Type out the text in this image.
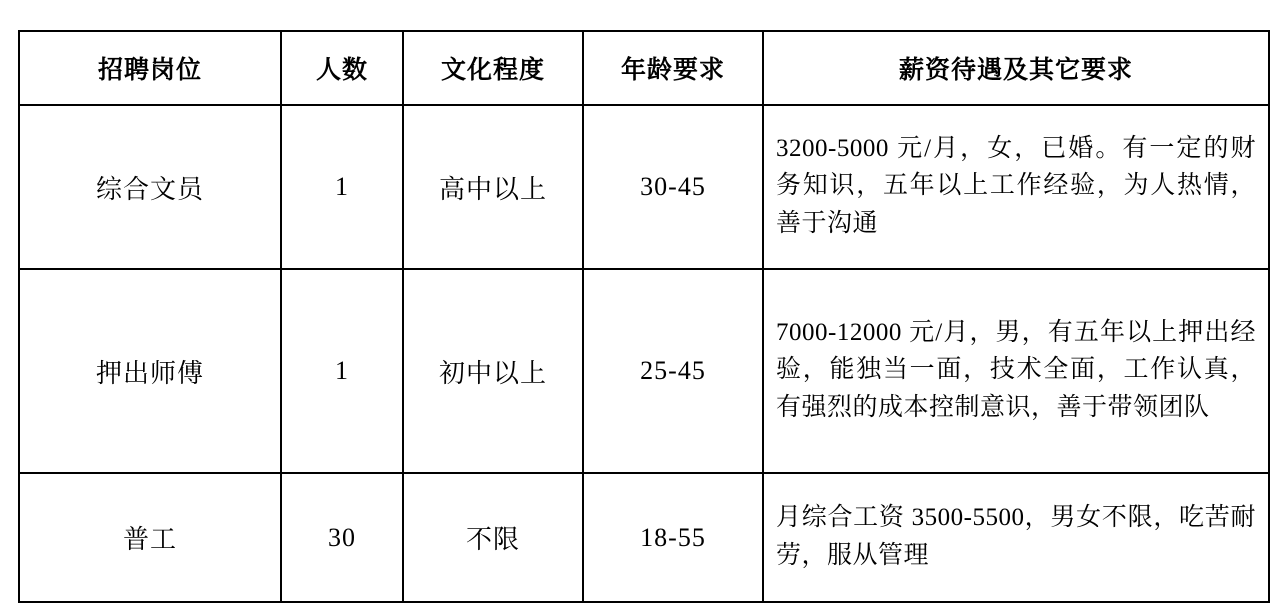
招聘岗位	人数	文化程度	年龄要求	薪资待遇及其它要求
综合文员	1	高中以上	30-45	3200-5000 元/月，女，已婚。有一定的财务知识，五年以上工作经验，为人热情，善于沟通
押出师傅	1	初中以上	25-45	7000-12000 元/月，男，有五年以上押出经验，能独当一面，技术全面，工作认真，有强烈的成本控制意识，善于带领团队
普工	30	不限	18-55	月综合工资 3500-5500，男女不限，吃苦耐劳，服从管理
